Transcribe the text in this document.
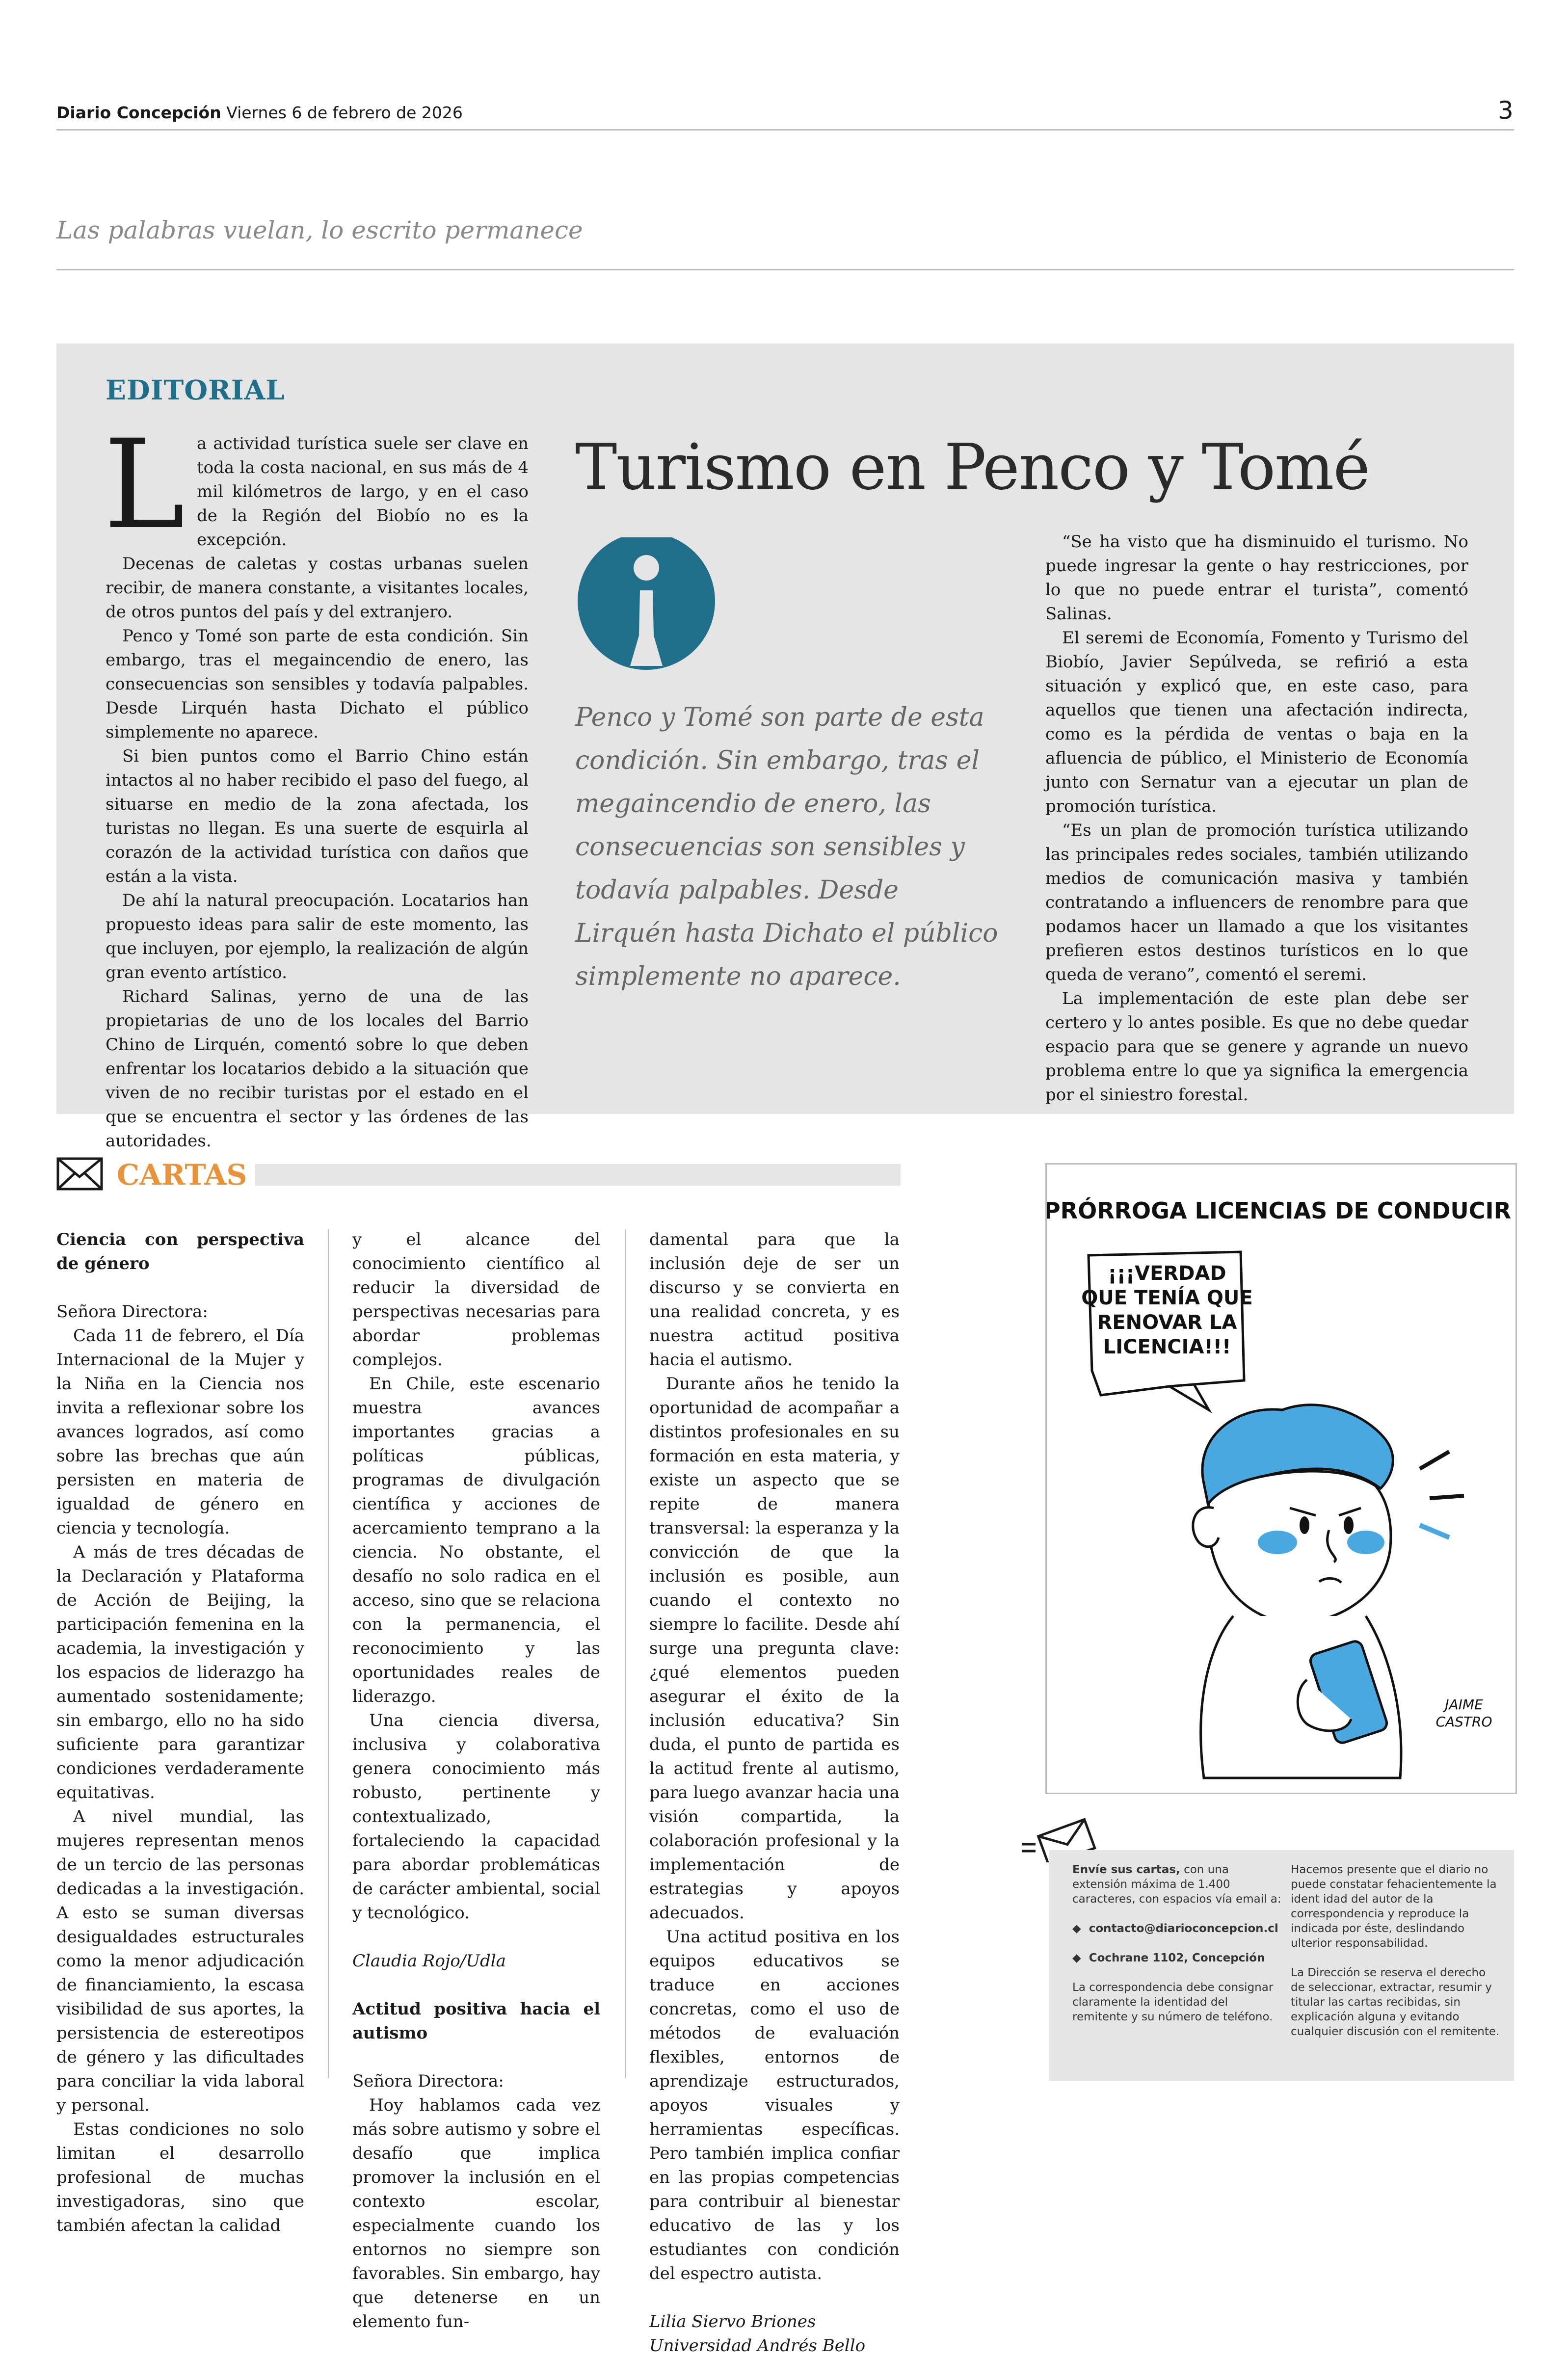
Diario Concepción Viernes 6 de febrero de 2026	3
Las palabras vuelan, lo escrito permanece
EDITORIAL

La actividad turística suele ser clave en toda la costa nacional, en sus más de 4 mil kilómetros de largo, y en el caso de la Región del Biobío no es la excepción.

Decenas de caletas y costas urbanas suelen recibir, de manera constante, a visitantes locales, de otros puntos del país y del extranjero.

Penco y Tomé son parte de esta condición. Sin embargo, tras el megaincendio de enero, las consecuencias son sensibles y todavía palpables. Desde Lirquén hasta Dichato el público simplemente no aparece.

Si bien puntos como el Barrio Chino están intactos al no haber recibido el paso del fuego, al situarse en medio de la zona afectada, los turistas no llegan. Es una suerte de esquirla al corazón de la actividad turística con daños que están a la vista.

De ahí la natural preocupación. Locatarios han propuesto ideas para salir de este momento, las que incluyen, por ejemplo, la realización de algún gran evento artístico.

Richard Salinas, yerno de una de las propietarias de uno de los locales del Barrio Chino de Lirquén, comentó sobre lo que deben enfrentar los locatarios debido a la situación que viven de no recibir turistas por el estado en el que se encuentra el sector y las órdenes de las autoridades.

Turismo en Penco y Tomé
Penco y Tomé son parte de esta condición. Sin embargo, tras el megaincendio de enero, las consecuencias son sensibles y todavía palpables. Desde Lirquén hasta Dichato el público simplemente no aparece.

“Se ha visto que ha disminuido el turismo. No puede ingresar la gente o hay restricciones, por lo que no puede entrar el turista”, comentó Salinas.

El seremi de Economía, Fomento y Turismo del Biobío, Javier Sepúlveda, se refirió a esta situación y explicó que, en este caso, para aquellos que tienen una afectación indirecta, como es la pérdida de ventas o baja en la afluencia de público, el Ministerio de Economía junto con Sernatur van a ejecutar un plan de promoción turística.

“Es un plan de promoción turística utilizando las principales redes sociales, también utilizando medios de comunicación masiva y también contratando a influencers de renombre para que podamos hacer un llamado a que los visitantes prefieren estos destinos turísticos en lo que queda de verano”, comentó el seremi.

La implementación de este plan debe ser certero y lo antes posible. Es que no debe quedar espacio para que se genere y agrande un nuevo problema entre lo que ya significa la emergencia por el siniestro forestal.

CARTAS

Ciencia con perspectiva de género

Señora Directora:

Cada 11 de febrero, el Día Internacional de la Mujer y la Niña en la Ciencia nos invita a reflexionar sobre los avances logrados, así como sobre las brechas que aún persisten en materia de igualdad de género en ciencia y tecnología.

A más de tres décadas de la Declaración y Plataforma de Acción de Beijing, la participación femenina en la academia, la investigación y los espacios de liderazgo ha aumentado sostenidamente; sin embargo, ello no ha sido suficiente para garantizar condiciones verdaderamente equitativas.

A nivel mundial, las mujeres representan menos de un tercio de las personas dedicadas a la investigación. A esto se suman diversas desigualdades estructurales como la menor adjudicación de financiamiento, la escasa visibilidad de sus aportes, la persistencia de estereotipos de género y las dificultades para conciliar la vida laboral y personal.

Estas condiciones no solo limitan el desarrollo profesional de muchas investigadoras, sino que también afectan la calidad

y el alcance del conocimiento científico al reducir la diversidad de perspectivas necesarias para abordar problemas complejos.

En Chile, este escenario muestra avances importantes gracias a políticas públicas, programas de divulgación científica y acciones de acercamiento temprano a la ciencia. No obstante, el desafío no solo radica en el acceso, sino que se relaciona con la permanencia, el reconocimiento y las oportunidades reales de liderazgo.

Una ciencia diversa, inclusiva y colaborativa genera conocimiento más robusto, pertinente y contextualizado, fortaleciendo la capacidad para abordar problemáticas de carácter ambiental, social y tecnológico.

Claudia Rojo/Udla

Actitud positiva hacia el autismo

Señora Directora:

Hoy hablamos cada vez más sobre autismo y sobre el desafío que implica promover la inclusión en el contexto escolar, especialmente cuando los entornos no siempre son favorables. Sin embargo, hay que detenerse en un elemento fun-

damental para que la inclusión deje de ser un discurso y se convierta en una realidad concreta, y es nuestra actitud positiva hacia el autismo.

Durante años he tenido la oportunidad de acompañar a distintos profesionales en su formación en esta materia, y existe un aspecto que se repite de manera transversal: la esperanza y la convicción de que la inclusión es posible, aun cuando el contexto no siempre lo facilite. Desde ahí surge una pregunta clave: ¿qué elementos pueden asegurar el éxito de la inclusión educativa? Sin duda, el punto de partida es la actitud frente al autismo, para luego avanzar hacia una visión compartida, la colaboración profesional y la implementación de estrategias y apoyos adecuados.

Una actitud positiva en los equipos educativos se traduce en acciones concretas, como el uso de métodos de evaluación flexibles, entornos de aprendizaje estructurados, apoyos visuales y herramientas específicas. Pero también implica confiar en las propias competencias para contribuir al bienestar educativo de las y los estudiantes con condición del espectro autista.

Lilia Siervo Briones

Universidad Andrés Bello

PRÓRROGA LICENCIAS DE CONDUCIR
¡¡¡VERDAD
QUE TENÍA QUE
RENOVAR LA
LICENCIA!!!
JAIME
CASTRO

Envíe sus cartas, con una extensión máxima de 1.400 caracteres, con espacios vía email a:

◆  contacto@diarioconcepcion.cl

◆  Cochrane 1102, Concepción

La correspondencia debe consignar claramente la identidad del remitente y su número de teléfono.

Hacemos presente que el diario no puede constatar fehacientemente la ident idad del autor de la correspondencia y reproduce la indicada por éste, deslindando ulterior responsabilidad.

La Dirección se reserva el derecho de seleccionar, extractar, resumir y titular las cartas recibidas, sin explicación alguna y evitando cualquier discusión con el remitente.
